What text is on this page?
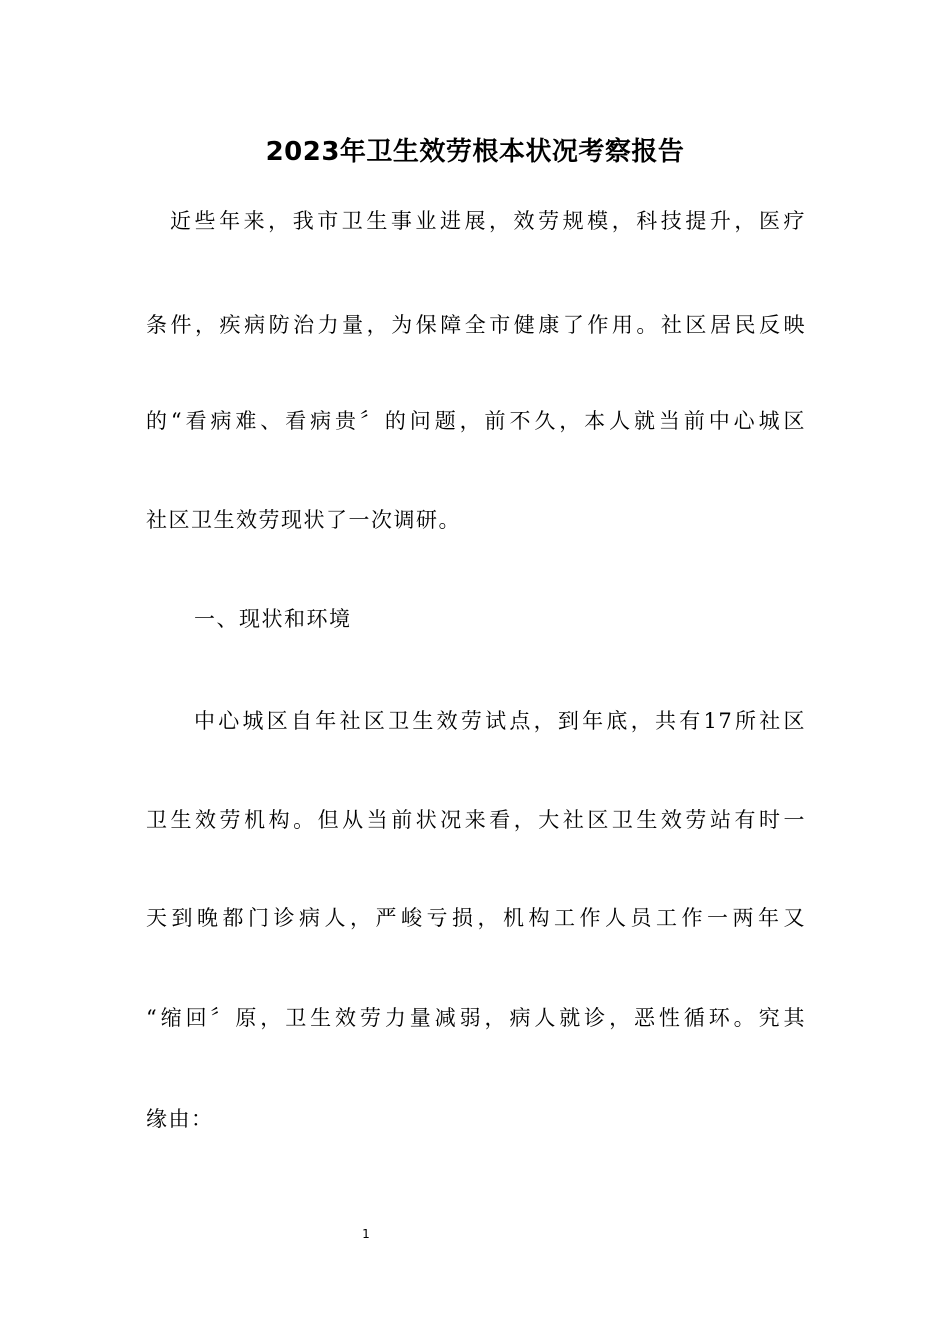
2023年卫生效劳根本状况考察报告
近些年来，我市卫生事业进展，效劳规模，科技提升，医疗
条件，疾病防治力量，为保障全市健康了作用。社区居民反映
的“看病难、看病贵〞的问题，前不久，本人就当前中心城区
社区卫生效劳现状了一次调研。
一、现状和环境
中心城区自年社区卫生效劳试点，到年底，共有17所社区
卫生效劳机构。但从当前状况来看，大社区卫生效劳站有时一
天到晚都门诊病人，严峻亏损，机构工作人员工作一两年又
“缩回〞原，卫生效劳力量减弱，病人就诊，恶性循环。究其
缘由：
1
